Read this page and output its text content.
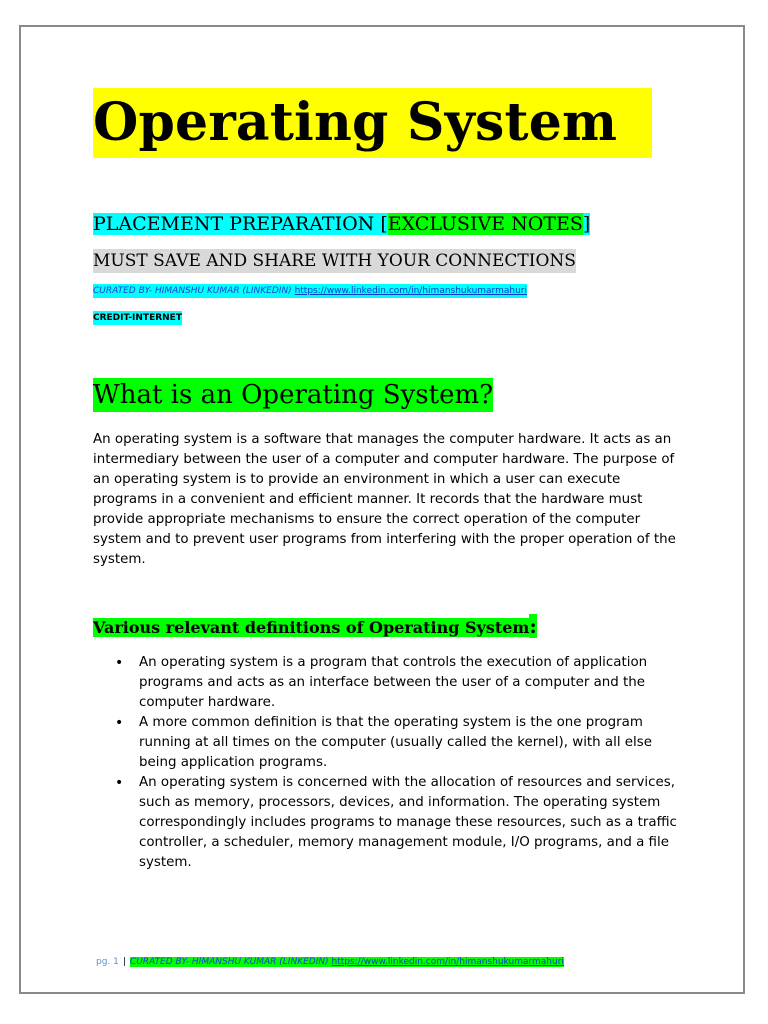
Operating System
PLACEMENT PREPARATION [EXCLUSIVE NOTES]
MUST SAVE AND SHARE WITH YOUR CONNECTIONS
CURATED BY- HIMANSHU KUMAR (LINKEDIN) https://www.linkedin.com/in/himanshukumarmahuri
CREDIT-INTERNET
What is an Operating System?
An operating system is a software that manages the computer hardware. It acts as an intermediary between the user of a computer and computer hardware. The purpose of an operating system is to provide an environment in which a user can execute programs in a convenient and efficient manner. It records that the hardware must provide appropriate mechanisms to ensure the correct operation of the computer system and to prevent user programs from interfering with the proper operation of the system.
Various relevant definitions of Operating System:
• An operating system is a program that controls the execution of application programs and acts as an interface between the user of a computer and the computer hardware.
• A more common definition is that the operating system is the one program running at all times on the computer (usually called the kernel), with all else being application programs.
• An operating system is concerned with the allocation of resources and services, such as memory, processors, devices, and information. The operating system correspondingly includes programs to manage these resources, such as a traffic controller, a scheduler, memory management module, I/O programs, and a file system.
pg. 1 | CURATED BY- HIMANSHU KUMAR (LINKEDIN) https://www.linkedin.com/in/himanshukumarmahuri
